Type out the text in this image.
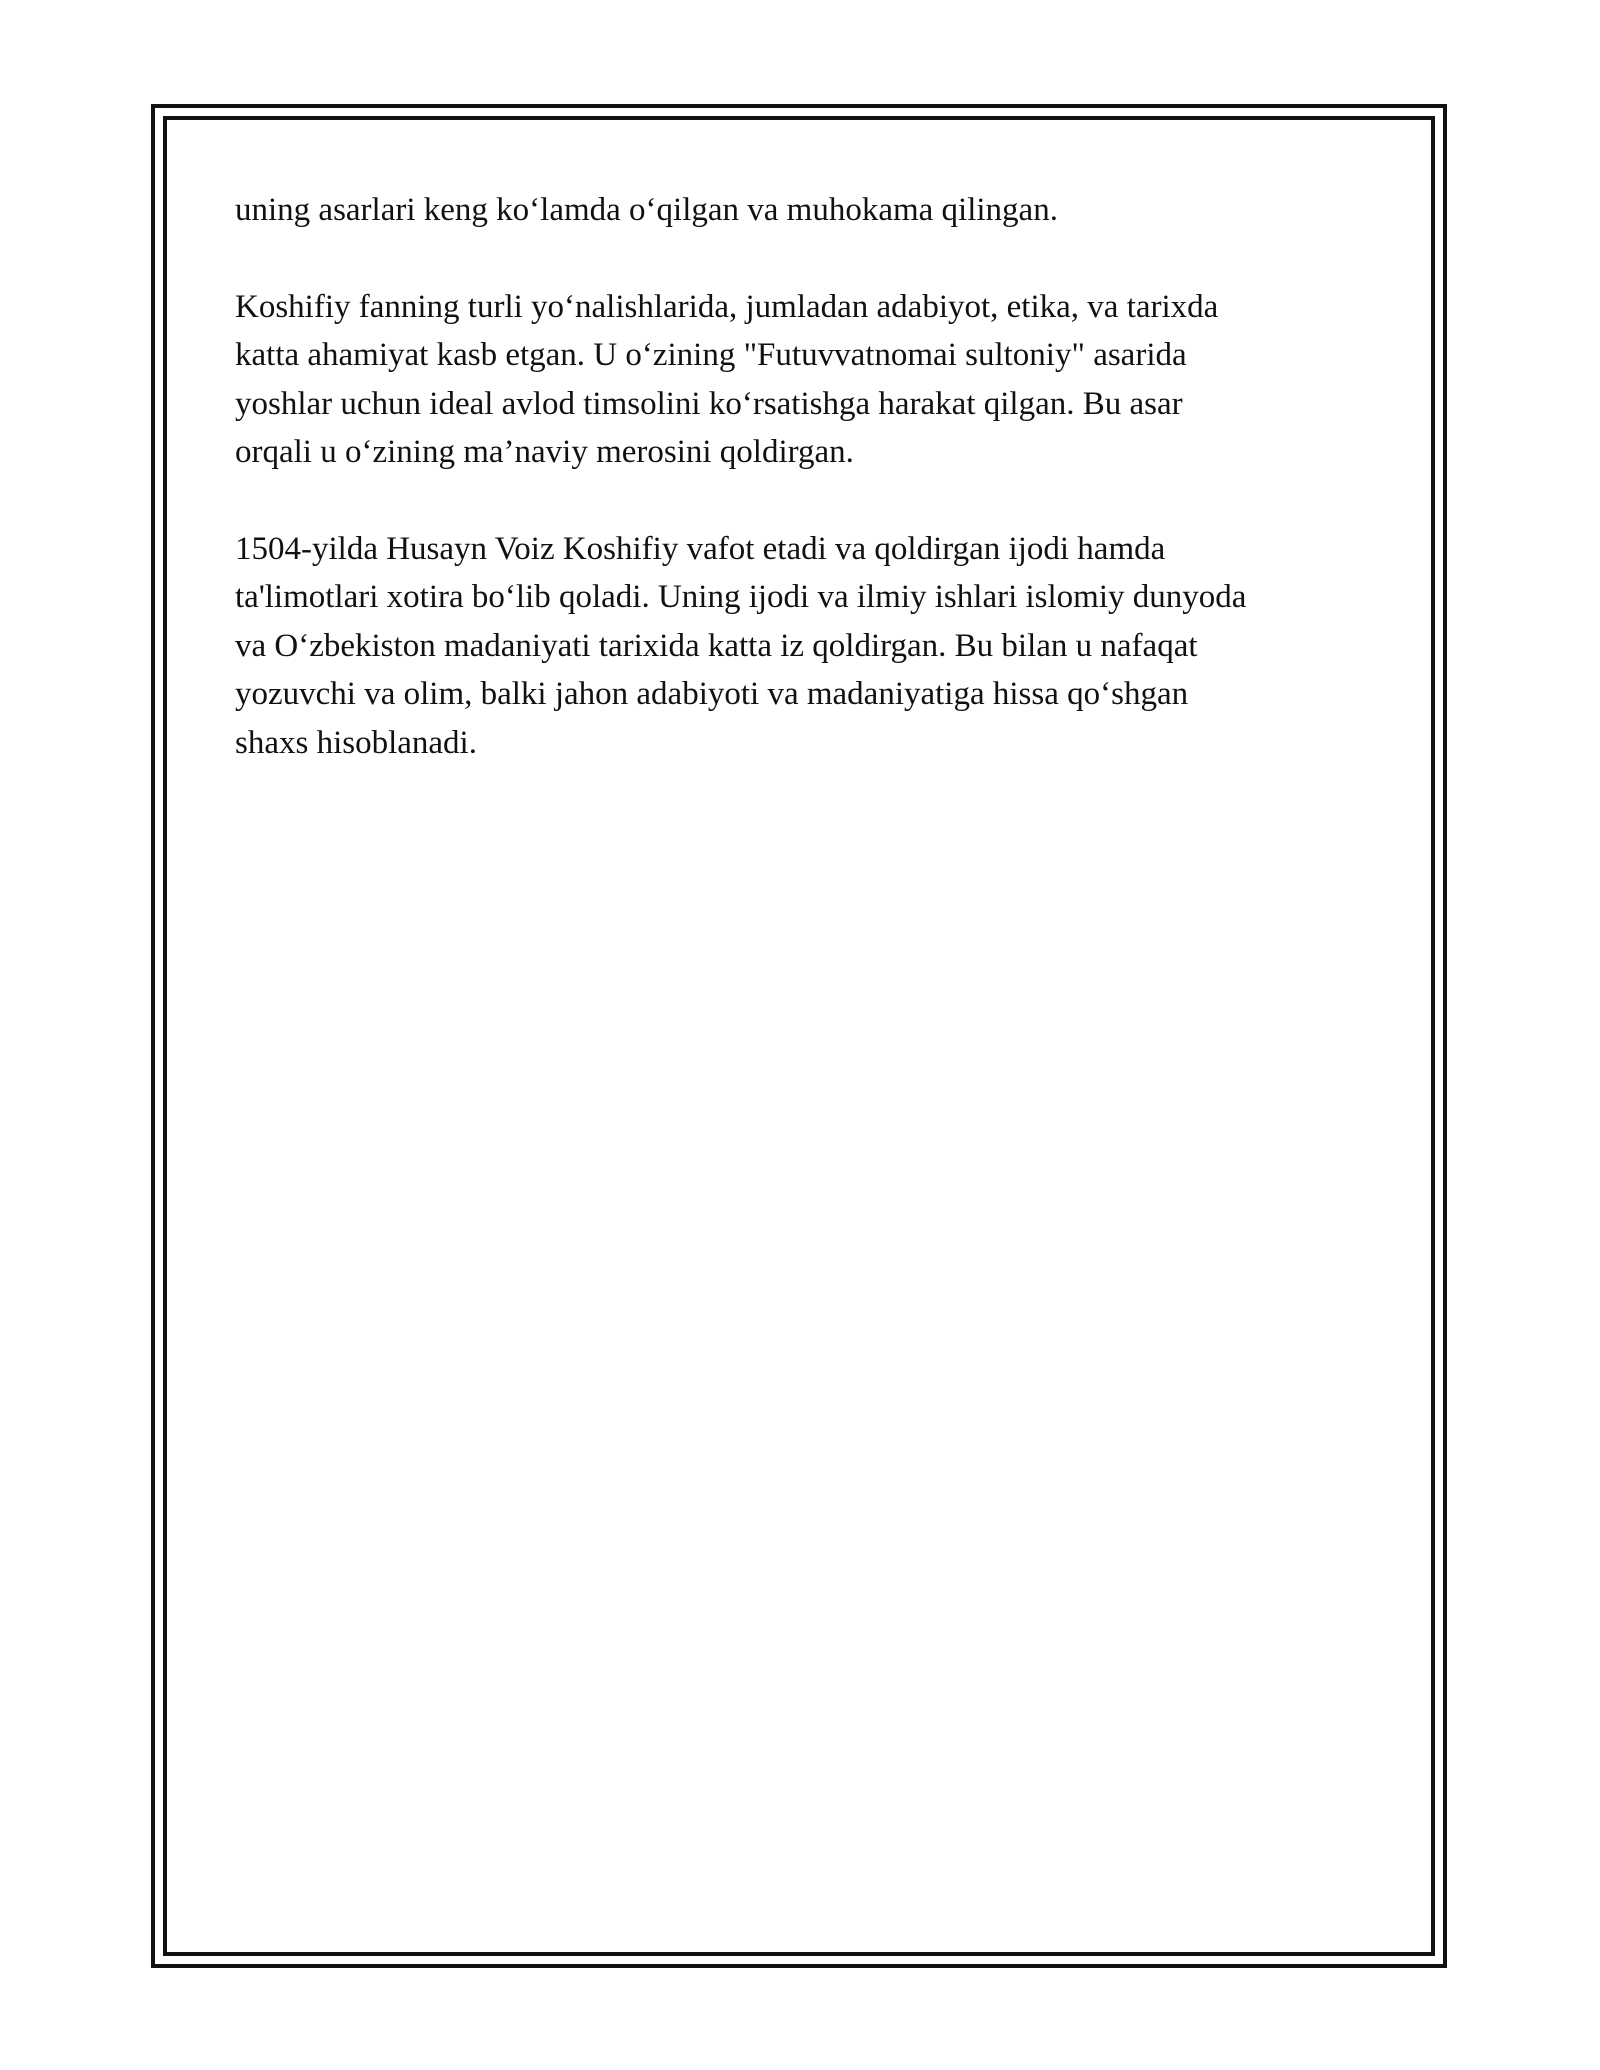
uning asarlari keng ko‘lamda o‘qilgan va muhokama qilingan.

Koshifiy fanning turli yo‘nalishlarida, jumladan adabiyot, etika, va tarixda
katta ahamiyat kasb etgan. U o‘zining "Futuvvatnomai sultoniy" asarida
yoshlar uchun ideal avlod timsolini ko‘rsatishga harakat qilgan. Bu asar
orqali u o‘zining ma’naviy merosini qoldirgan.

1504-yilda Husayn Voiz Koshifiy vafot etadi va qoldirgan ijodi hamda
ta'limotlari xotira bo‘lib qoladi. Uning ijodi va ilmiy ishlari islomiy dunyoda
va O‘zbekiston madaniyati tarixida katta iz qoldirgan. Bu bilan u nafaqat
yozuvchi va olim, balki jahon adabiyoti va madaniyatiga hissa qo‘shgan
shaxs hisoblanadi.
